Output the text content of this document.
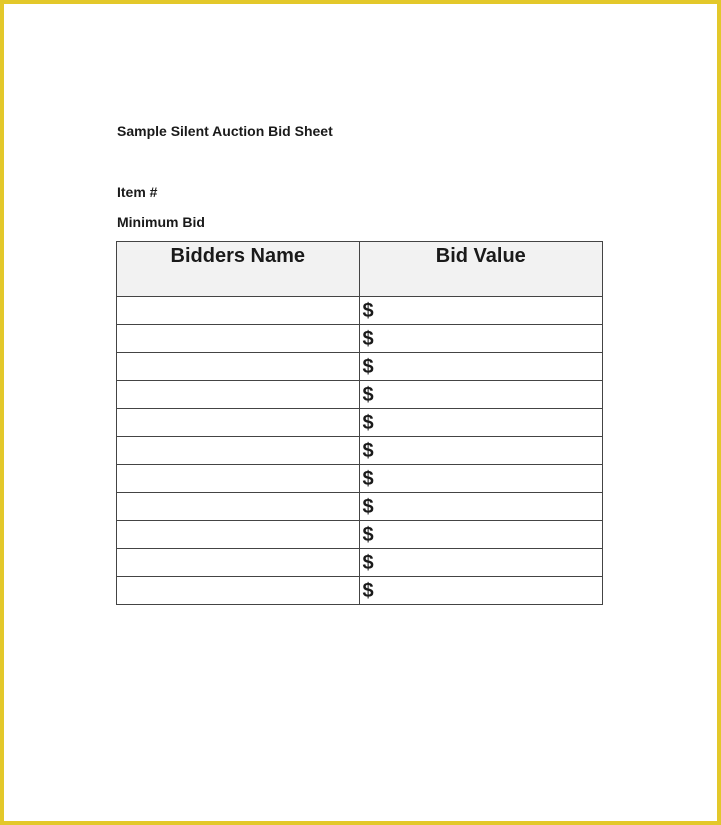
Sample Silent Auction Bid Sheet
Item #
Minimum Bid
Bidders Name	Bid Value
	$
	$
	$
	$
	$
	$
	$
	$
	$
	$
	$
